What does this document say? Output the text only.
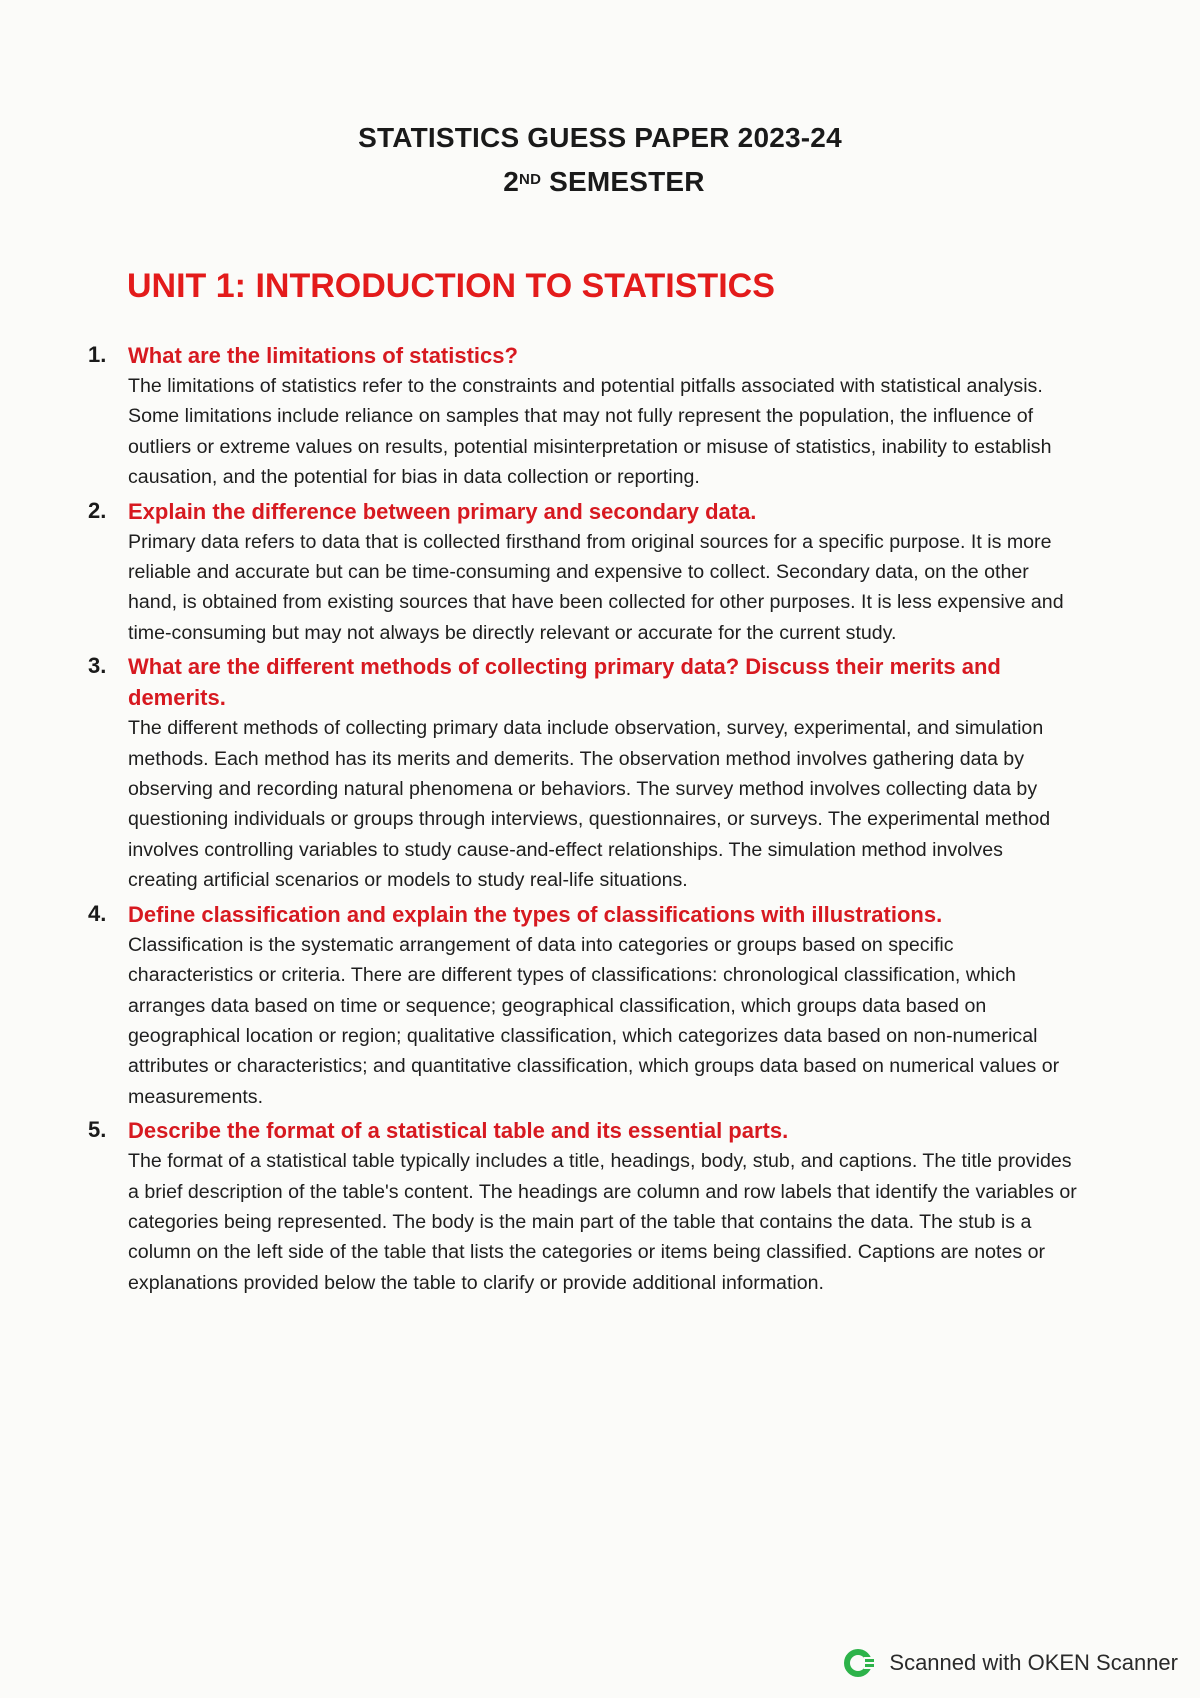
STATISTICS GUESS PAPER 2023-24
2ND SEMESTER
UNIT 1: INTRODUCTION TO STATISTICS
1. What are the limitations of statistics?

The limitations of statistics refer to the constraints and potential pitfalls associated with statistical analysis. Some limitations include reliance on samples that may not fully represent the population, the influence of outliers or extreme values on results, potential misinterpretation or misuse of statistics, inability to establish causation, and the potential for bias in data collection or reporting.

2. Explain the difference between primary and secondary data.

Primary data refers to data that is collected firsthand from original sources for a specific purpose. It is more reliable and accurate but can be time-consuming and expensive to collect. Secondary data, on the other hand, is obtained from existing sources that have been collected for other purposes. It is less expensive and time-consuming but may not always be directly relevant or accurate for the current study.

3. What are the different methods of collecting primary data? Discuss their merits and demerits.

The different methods of collecting primary data include observation, survey, experimental, and simulation methods. Each method has its merits and demerits. The observation method involves gathering data by observing and recording natural phenomena or behaviors. The survey method involves collecting data by questioning individuals or groups through interviews, questionnaires, or surveys. The experimental method involves controlling variables to study cause-and-effect relationships. The simulation method involves creating artificial scenarios or models to study real-life situations.

4. Define classification and explain the types of classifications with illustrations.

Classification is the systematic arrangement of data into categories or groups based on specific characteristics or criteria. There are different types of classifications: chronological classification, which arranges data based on time or sequence; geographical classification, which groups data based on geographical location or region; qualitative classification, which categorizes data based on non-numerical attributes or characteristics; and quantitative classification, which groups data based on numerical values or measurements.

5. Describe the format of a statistical table and its essential parts.

The format of a statistical table typically includes a title, headings, body, stub, and captions. The title provides a brief description of the table's content. The headings are column and row labels that identify the variables or categories being represented. The body is the main part of the table that contains the data. The stub is a column on the left side of the table that lists the categories or items being classified. Captions are notes or explanations provided below the table to clarify or provide additional information.

Scanned with OKEN Scanner
